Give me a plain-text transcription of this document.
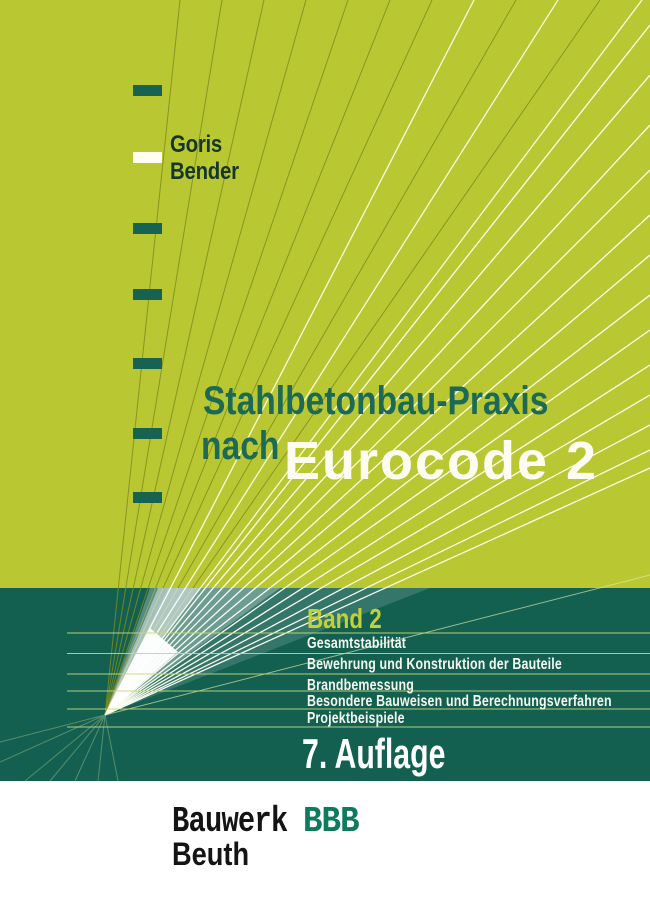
Goris
Bender
Stahlbetonbau-Praxis
nach Eurocode 2
Band 2
Gesamtstabilität
Bewehrung und Konstruktion der Bauteile
Brandbemessung
Besondere Bauweisen und Berechnungsverfahren
Projektbeispiele
7. Auflage
Bauwerk BBB
Beuth
